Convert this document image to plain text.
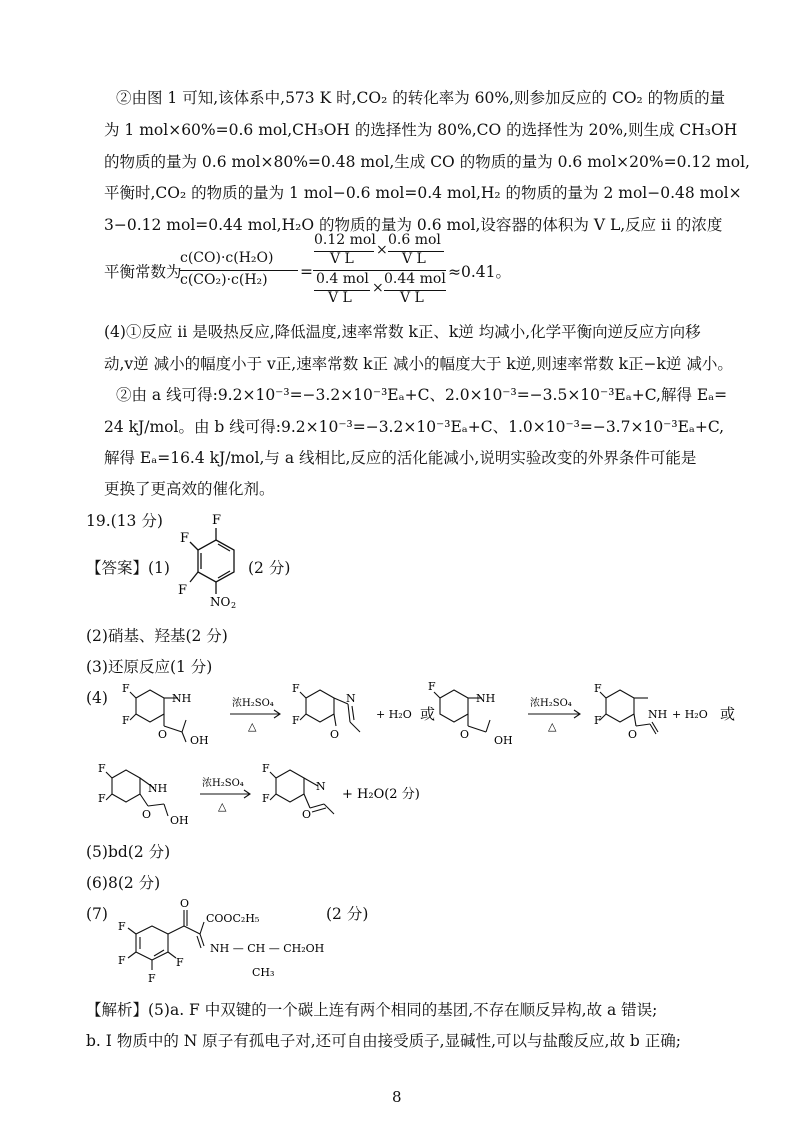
②由图 1 可知,该体系中,573 K 时,CO₂ 的转化率为 60%,则参加反应的 CO₂ 的物质的量
为 1 mol×60%=0.6 mol,CH₃OH 的选择性为 80%,CO 的选择性为 20%,则生成 CH₃OH
的物质的量为 0.6 mol×80%=0.48 mol,生成 CO 的物质的量为 0.6 mol×20%=0.12 mol,
平衡时,CO₂ 的物质的量为 1 mol−0.6 mol=0.4 mol,H₂ 的物质的量为 2 mol−0.48 mol×
3−0.12 mol=0.44 mol,H₂O 的物质的量为 0.6 mol,设容器的体积为 V L,反应 ⅱ 的浓度
平衡常数为
c(CO)·c(H₂O)
c(CO₂)·c(H₂) =
0.12 mol
V L
×
0.6 mol
V L
0.4 mol
V L
×
0.44 mol
V L
≈0.41。
(4)①反应 ⅱ 是吸热反应,降低温度,速率常数 k正、k逆 均减小,化学平衡向逆反应方向移
动,v逆 减小的幅度小于 v正,速率常数 k正 减小的幅度大于 k逆,则速率常数 k正−k逆 减小。
②由 a 线可得:9.2×10⁻³=−3.2×10⁻³Eₐ+C、2.0×10⁻³=−3.5×10⁻³Eₐ+C,解得 Eₐ=
24 kJ/mol。由 b 线可得:9.2×10⁻³=−3.2×10⁻³Eₐ+C、1.0×10⁻³=−3.7×10⁻³Eₐ+C,
解得 Eₐ=16.4 kJ/mol,与 a 线相比,反应的活化能减小,说明实验改变的外界条件可能是
更换了更高效的催化剂。
19.(13 分)
【答案】(1)
F
F
F
NO 2
(2 分)
(2)硝基、羟基(2 分)
(3)还原反应(1 分)
(4)
F
F
NH
O OH
浓H₂SO₄
△
F
F
N
O
+ H₂O 或
F
NH
O OH
浓H₂SO₄
△
F
F	NH
O
+ H₂O 或
F
F
NH
O OH
浓H₂SO₄
△
F
F
N
O
+ H₂O(2 分)
(5)bd(2 分)
(6)8(2 分)
(7)	(2 分)
O
COOC₂H₅
NH — CH — CH₂OH
CH₃
F
F
F
F
【解析】(5)a. F 中双键的一个碳上连有两个相同的基团,不存在顺反异构,故 a 错误;
b. I 物质中的 N 原子有孤电子对,还可自由接受质子,显碱性,可以与盐酸反应,故 b 正确;
8
